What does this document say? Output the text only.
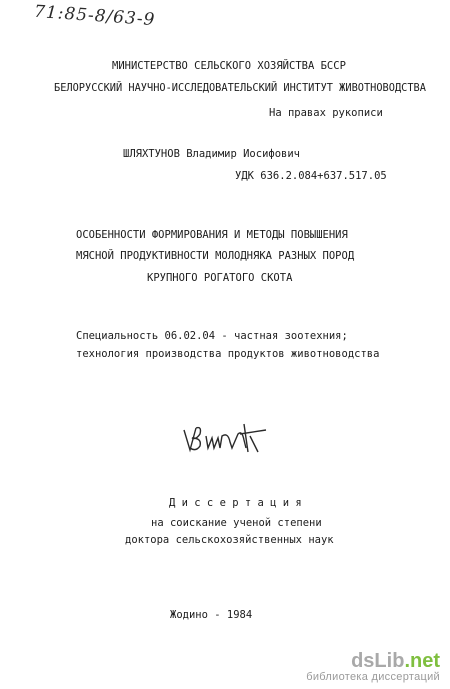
71:85-8/63-9
МИНИСТЕРСТВО СЕЛЬСКОГО ХОЗЯЙСТВА БССР
БЕЛОРУССКИЙ НАУЧНО-ИССЛЕДОВАТЕЛЬСКИЙ ИНСТИТУТ ЖИВОТНОВОДСТВА
На правах рукописи
ШЛЯХТУНОВ Владимир Иосифович
УДК 636.2.084+637.517.05
ОСОБЕННОСТИ ФОРМИРОВАНИЯ И МЕТОДЫ ПОВЫШЕНИЯ
МЯСНОЙ ПРОДУКТИВНОСТИ МОЛОДНЯКА РАЗНЫХ ПОРОД
КРУПНОГО РОГАТОГО СКОТА
Специальность 06.02.04 - частная зоотехния;
технология производства продуктов животноводства
Д и с с е р т а ц и я
на соискание ученой степени
доктора сельскохозяйственных наук
Жодино - 1984
dsLib.net
библиотека диссертаций
